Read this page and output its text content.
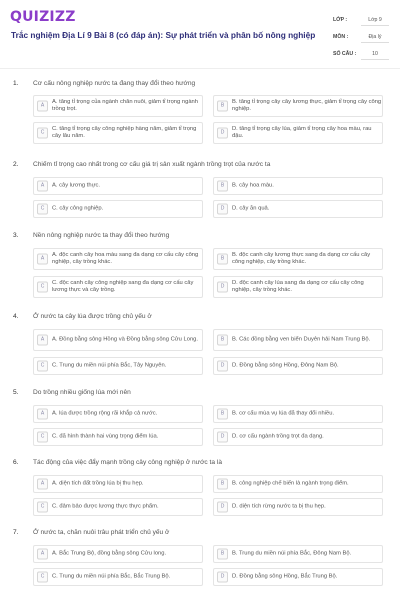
QUIZIZZ
Trắc nghiệm Địa Lí 9 Bài 8 (có đáp án): Sự phát triển và phân bố nông nghiệp
LỚP :	Lớp 9
MÔN :	Địa lý
SỐ CÂU :	10
1. Cơ cấu nông nghiệp nước ta đang thay đổi theo hướng
A
A. tăng tỉ trọng của ngành chăn nuôi, giảm tỉ trọng ngành trồng trọt.
B
B. tăng tỉ trọng cây cây lương thực, giảm tỉ trọng cây công nghiệp.
C
C. tăng tỉ trọng cây công nghiệp hàng năm, giảm tỉ trọng cây lâu năm.
D
D. tăng tỉ trọng cây lúa, giảm tỉ trọng cây hoa màu, rau đậu.
2. Chiếm tỉ trọng cao nhất trong cơ cấu giá trị sản xuất ngành trồng trọt của nước ta
A	A. cây lương thực.	B	B. cây hoa màu.
C	C. cây công nghiệp.	D	D. cây ăn quả.
3. Nền nông nghiệp nước ta thay đổi theo hướng
A
A. độc canh cây hoa màu sang đa dạng cơ cấu cây công nghiệp, cây trồng khác.
B
B. độc canh cây lương thực sang đa dạng cơ cấu cây công nghiệp, cây trồng khác.
C
C. độc canh cây công nghiệp sang đa dạng cơ cấu cây lương thực và cây trồng.
D
D. độc canh cây lúa sang đa dạng cơ cấu cây công nghiệp, cây trồng khác.
4. Ở nước ta cây lúa được trồng chủ yếu ở
A	A. Đồng bằng sông Hồng và Đồng bằng sông Cửu Long.	B	B. Các đồng bằng ven biển Duyên hải Nam Trung Bộ.
C	C. Trung du miền núi phía Bắc, Tây Nguyên.	D	D. Đồng bằng sông Hồng, Đông Nam Bộ.
5. Do trồng nhiều giống lúa mới nên
A	A. lúa được trồng rộng rãi khắp cả nước.	B	B. cơ cấu mùa vụ lúa đã thay đổi nhiều.
C	C. đã hình thành hai vùng trọng điểm lúa.	D	D. cơ cấu ngành trồng trọt đa dạng.
6. Tác động của việc đẩy mạnh trồng cây công nghiệp ở nước ta là
A	A. diện tích đất trồng lúa bị thu hẹp.	B	B. công nghiệp chế biến là ngành trọng điểm.
C	C. đảm bảo được lương thực thực phẩm.	D	D. diện tích rừng nước ta bị thu hẹp.
7. Ở nước ta, chăn nuôi trâu phát triển chủ yếu ở
A	A. Bắc Trung Bộ, đồng bằng sông Cửu long.	B	B. Trung du miền núi phía Bắc, Đông Nam Bộ.
C	C. Trung du miền núi phía Bắc, Bắc Trung Bộ.	D	D. Đồng bằng sông Hồng, Bắc Trung Bộ.
